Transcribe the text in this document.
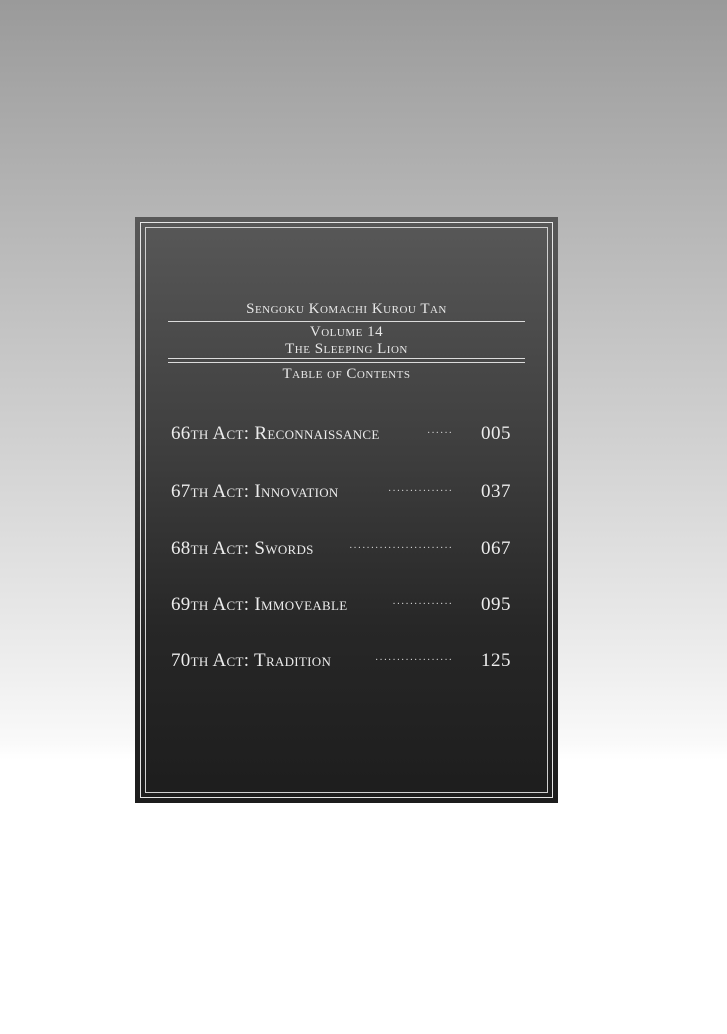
Sengoku Komachi Kurou Tan
Volume 14
The Sleeping Lion
Table of Contents
66th Act: Reconnaissance	······ 005
67th Act: Innovation	··············· 037
68th Act: Swords	························ 067
69th Act: Immoveable	·············· 095
70th Act: Tradition	·················· 125
